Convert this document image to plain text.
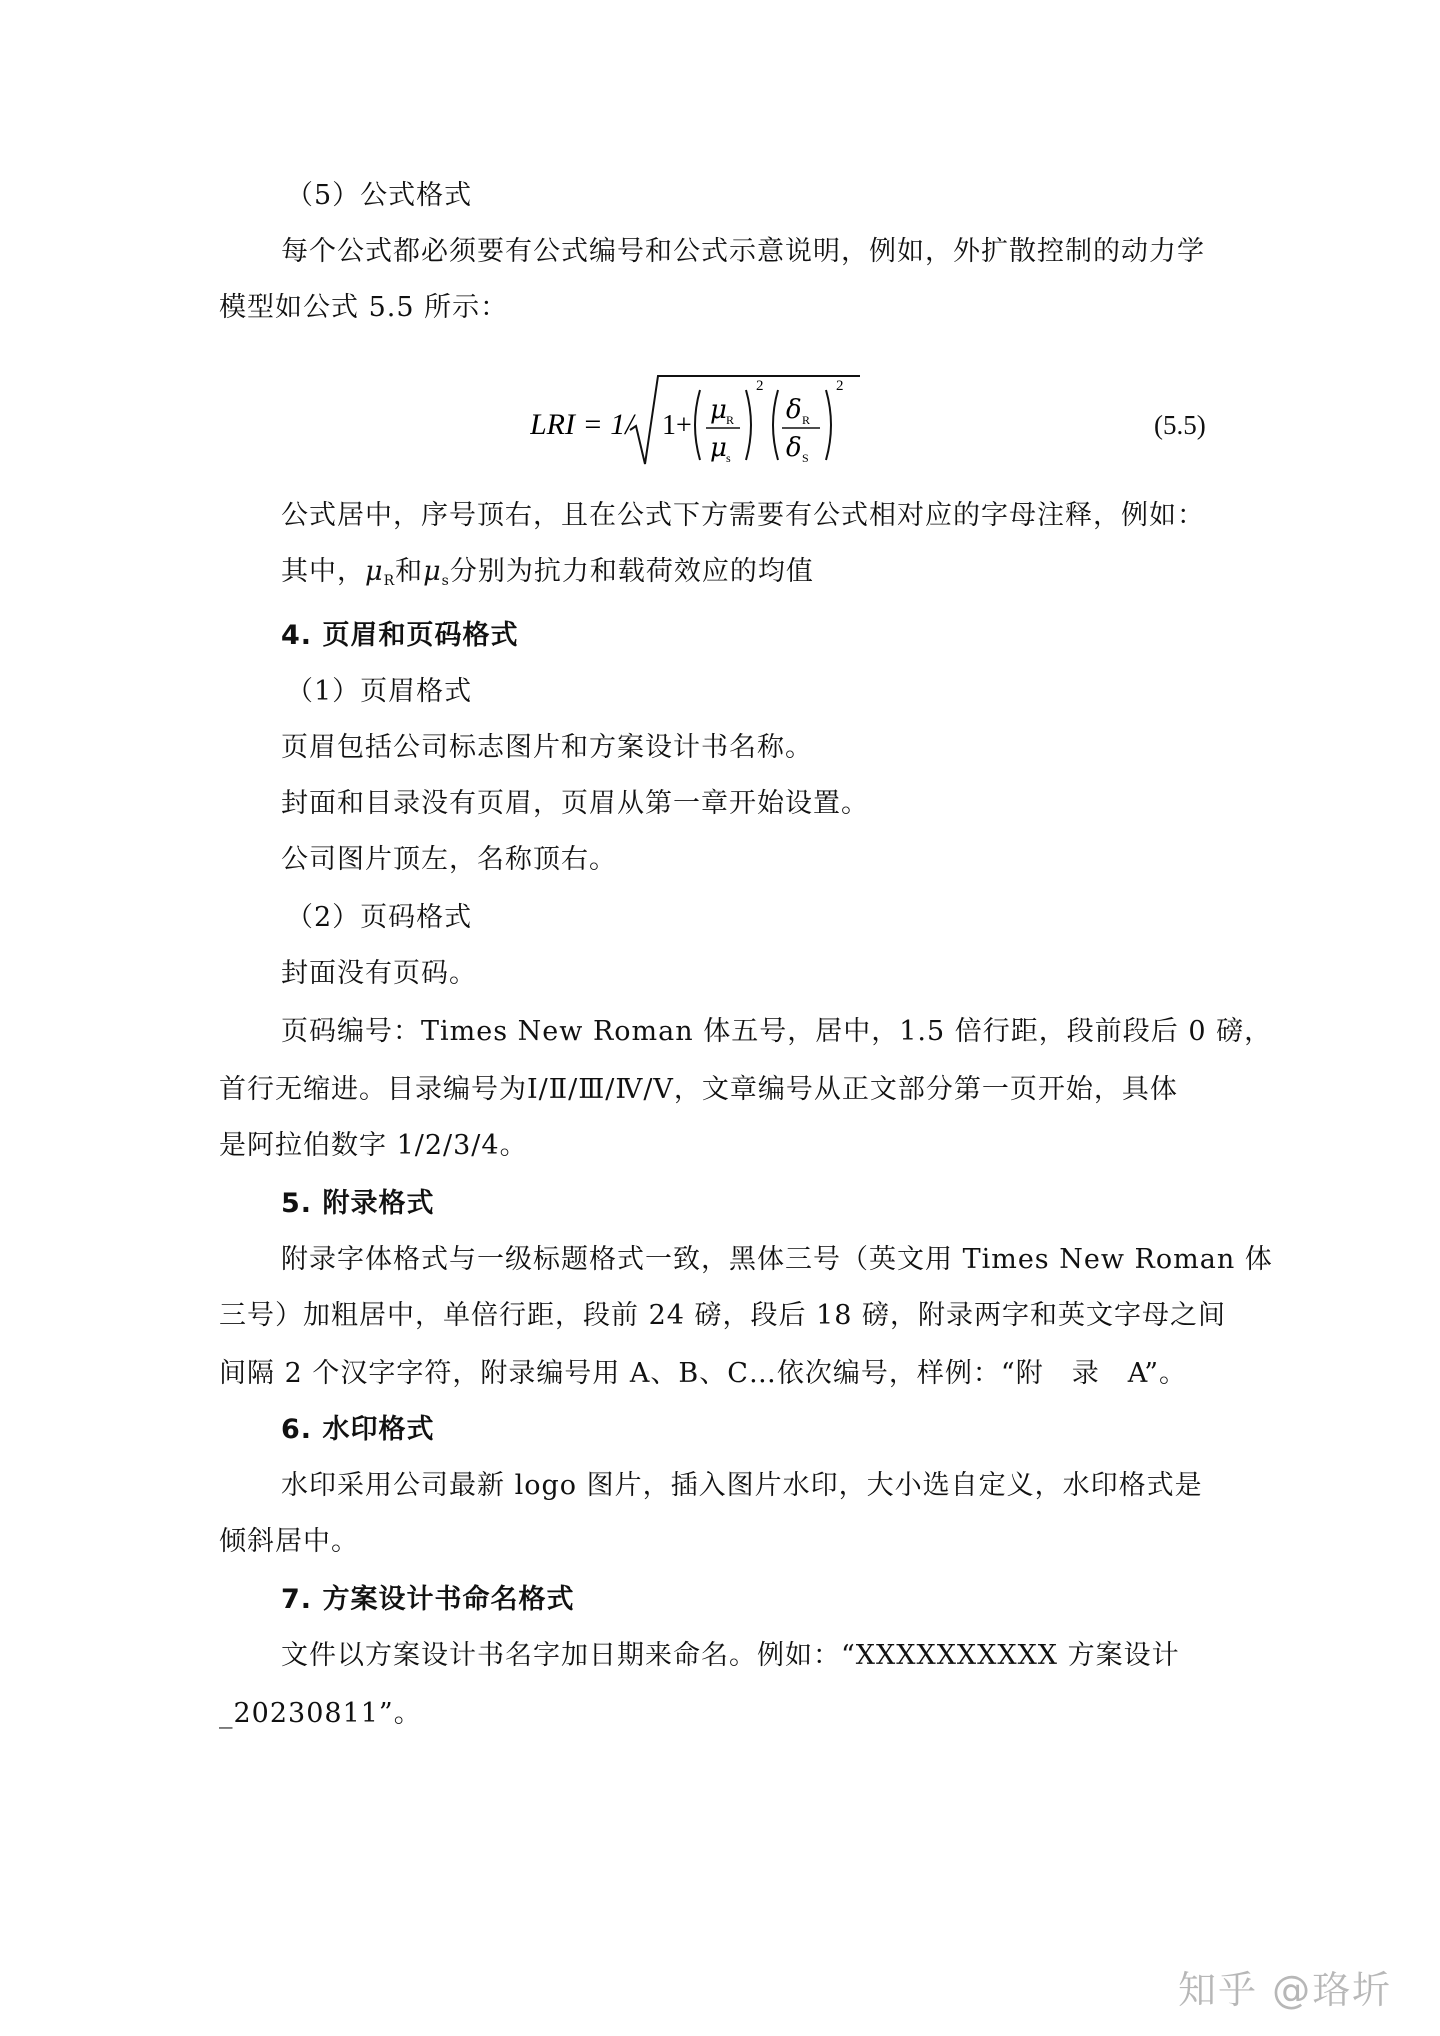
（5）公式格式
每个公式都必须要有公式编号和公式示意说明，例如，外扩散控制的动力学
模型如公式 5.5 所示：
LRI = 1/ 1+ μ R
μ s
2
δ R
δ S
2
(5.5)
公式居中，序号顶右，且在公式下方需要有公式相对应的字母注释，例如：
其中，$\mu_R$和$\mu_s$分别为抗力和载荷效应的均值
4. 页眉和页码格式
（1）页眉格式
页眉包括公司标志图片和方案设计书名称。
封面和目录没有页眉，页眉从第一章开始设置。
公司图片顶左，名称顶右。
（2）页码格式
封面没有页码。
页码编号：Times New Roman 体五号，居中，1.5 倍行距，段前段后 0 磅，
首行无缩进。目录编号为Ⅰ/Ⅱ/Ⅲ/Ⅳ/Ⅴ，文章编号从正文部分第一页开始，具体
是阿拉伯数字 1/2/3/4。
5. 附录格式
附录字体格式与一级标题格式一致，黑体三号（英文用 Times New Roman 体
三号）加粗居中，单倍行距，段前 24 磅，段后 18 磅，附录两字和英文字母之间
间隔 2 个汉字字符，附录编号用 A、B、C…依次编号，样例：“附　录　A”。
6. 水印格式
水印采用公司最新 logo 图片，插入图片水印，大小选自定义，水印格式是
倾斜居中。
7. 方案设计书命名格式
文件以方案设计书名字加日期来命名。例如：“XXXXXXXXXX 方案设计
_20230811”。
知乎 @珞圻
